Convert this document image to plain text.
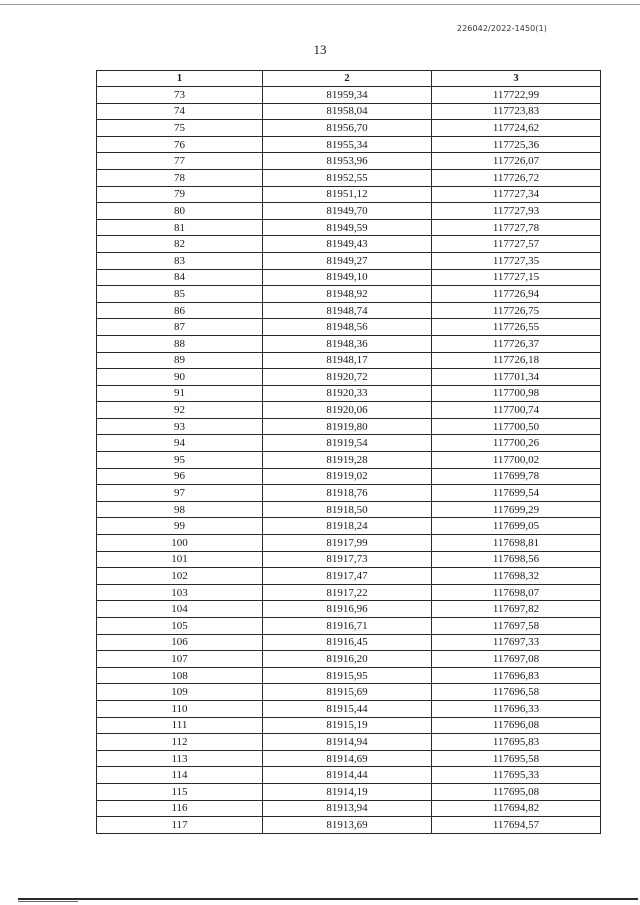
226042/2022-1450(1)
13
1	2	3
73	81959,34	117722,99
74	81958,04	117723,83
75	81956,70	117724,62
76	81955,34	117725,36
77	81953,96	117726,07
78	81952,55	117726,72
79	81951,12	117727,34
80	81949,70	117727,93
81	81949,59	117727,78
82	81949,43	117727,57
83	81949,27	117727,35
84	81949,10	117727,15
85	81948,92	117726,94
86	81948,74	117726,75
87	81948,56	117726,55
88	81948,36	117726,37
89	81948,17	117726,18
90	81920,72	117701,34
91	81920,33	117700,98
92	81920,06	117700,74
93	81919,80	117700,50
94	81919,54	117700,26
95	81919,28	117700,02
96	81919,02	117699,78
97	81918,76	117699,54
98	81918,50	117699,29
99	81918,24	117699,05
100	81917,99	117698,81
101	81917,73	117698,56
102	81917,47	117698,32
103	81917,22	117698,07
104	81916,96	117697,82
105	81916,71	117697,58
106	81916,45	117697,33
107	81916,20	117697,08
108	81915,95	117696,83
109	81915,69	117696,58
110	81915,44	117696,33
111	81915,19	117696,08
112	81914,94	117695,83
113	81914,69	117695,58
114	81914,44	117695,33
115	81914,19	117695,08
116	81913,94	117694,82
117	81913,69	117694,57
